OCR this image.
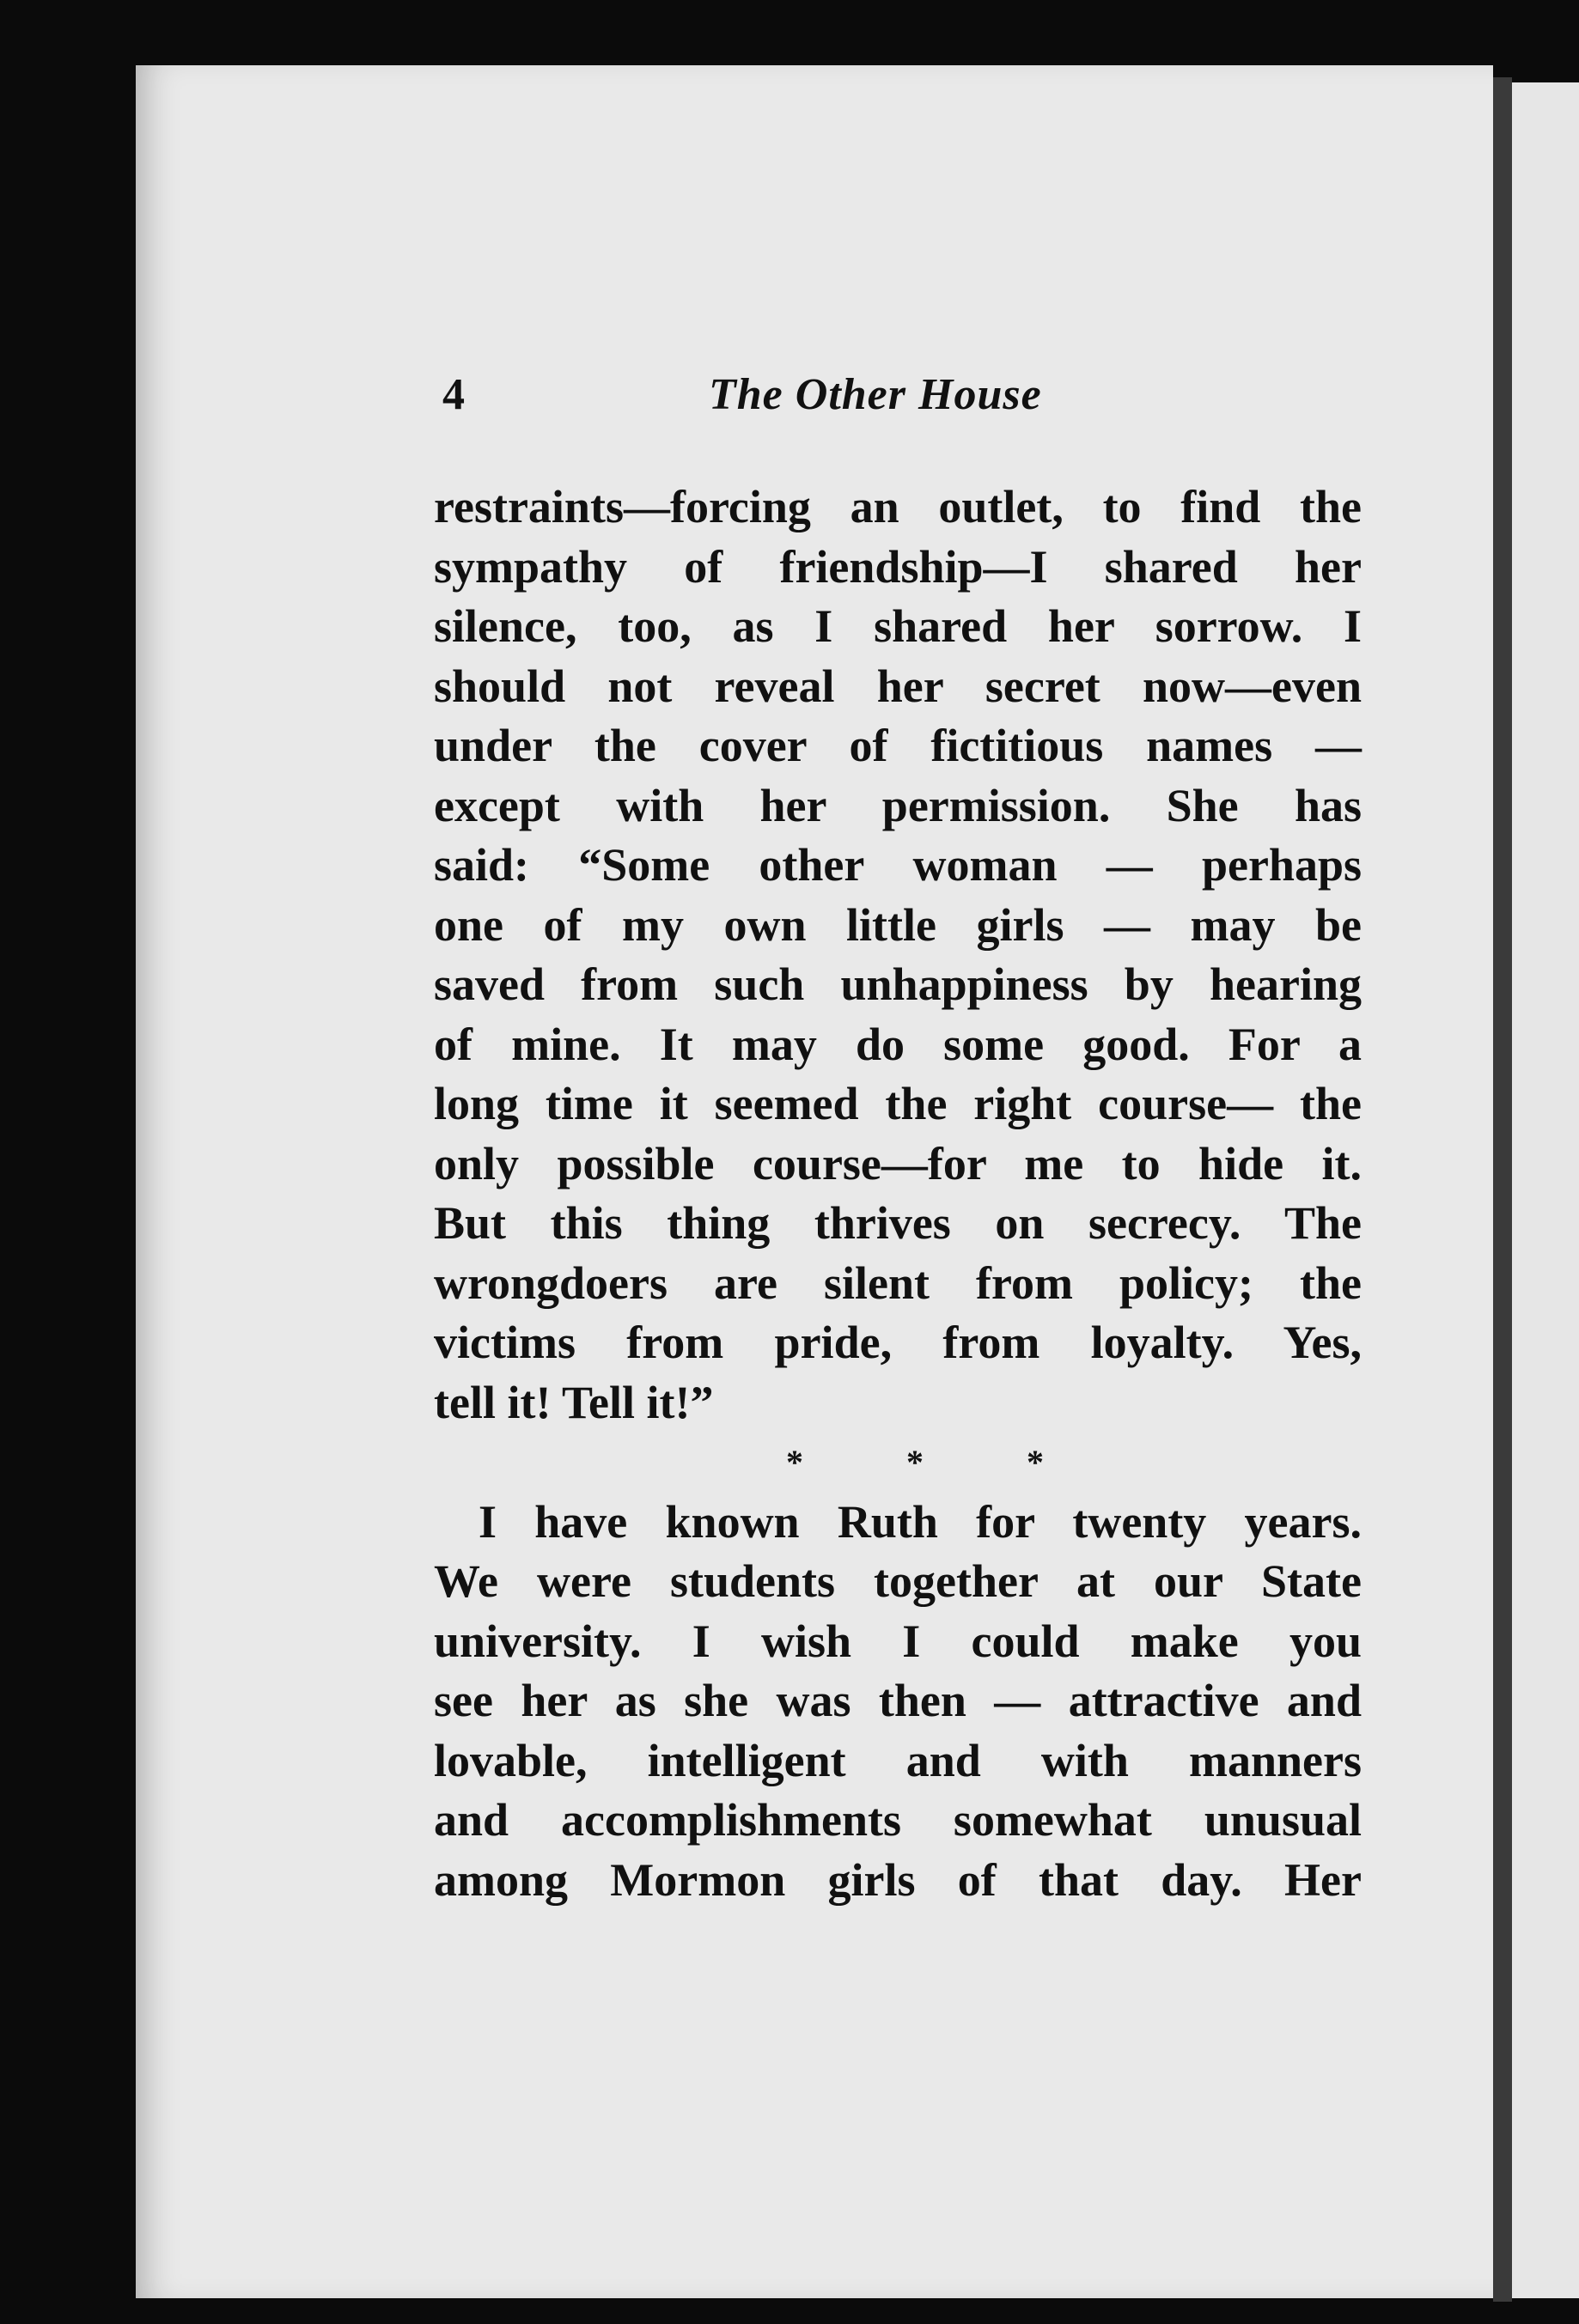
4	The Other House
restraints—forcing an outlet, to find the
sympathy of friendship—I shared her
silence, too, as I shared her sorrow. I
should not reveal her secret now—even
under the cover of fictitious names —
except with her permission. She has
said: “Some other woman — perhaps
one of my own little girls — may be
saved from such unhappiness by hearing
of mine. It may do some good. For a
long time it seemed the right course— the
only possible course—for me to hide it.
But this thing thrives on secrecy. The
wrongdoers are silent from policy; the
victims from pride, from loyalty. Yes,
tell it! Tell it!”
*	*	*
I have known Ruth for twenty years.
We were students together at our State
university. I wish I could make you
see her as she was then — attractive and
lovable, intelligent and with manners
and accomplishments somewhat unusual
among Mormon girls of that day. Her
